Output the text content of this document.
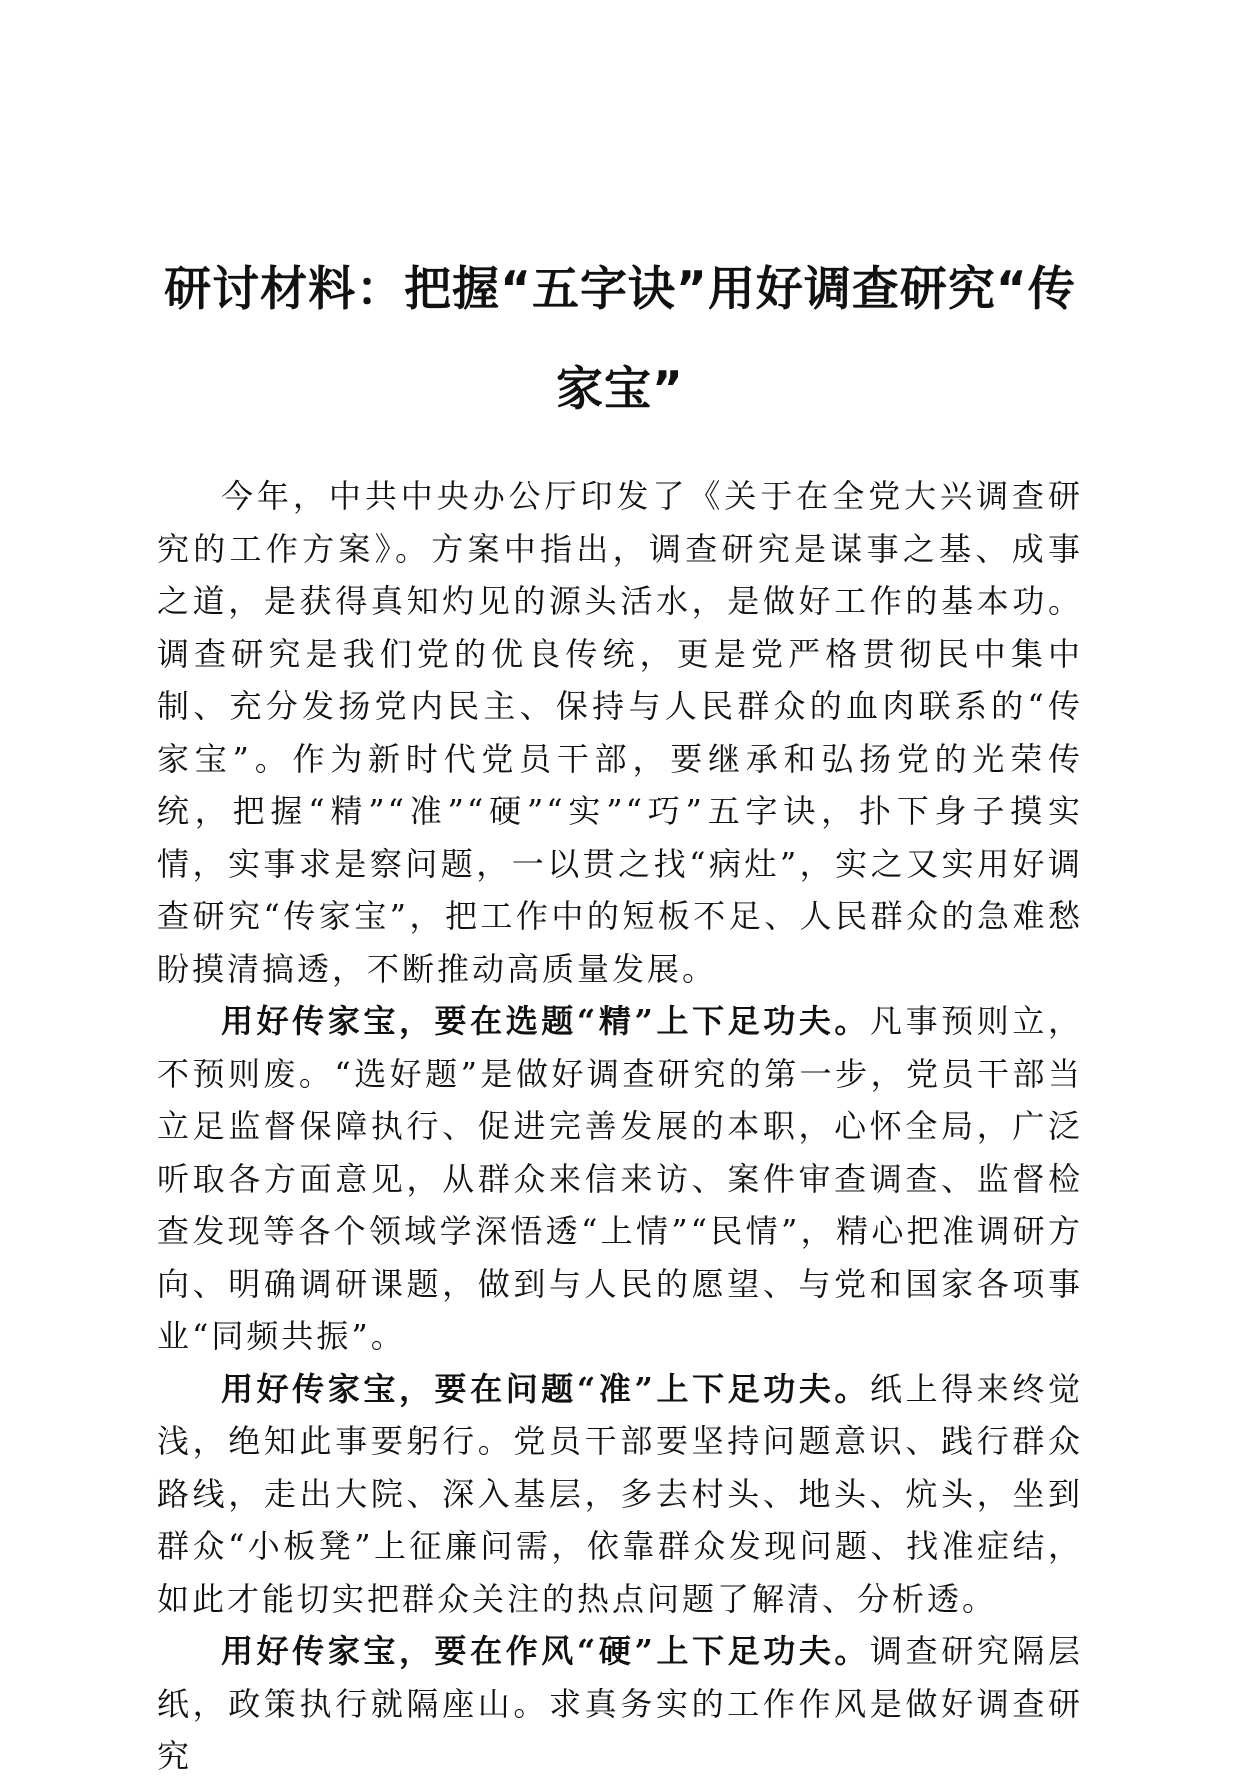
研讨材料：把握“五字诀”用好调查研究“传家宝”

今年，中共中央办公厅印发了《关于在全党大兴调查研究的工作方案》。方案中指出，调查研究是谋事之基、成事之道，是获得真知灼见的源头活水，是做好工作的基本功。调查研究是我们党的优良传统，更是党严格贯彻民中集中制、充分发扬党内民主、保持与人民群众的血肉联系的“传家宝”。作为新时代党员干部，要继承和弘扬党的光荣传统，把握“精”“准”“硬”“实”“巧”五字诀，扑下身子摸实情，实事求是察问题，一以贯之找“病灶”，实之又实用好调查研究“传家宝”，把工作中的短板不足、人民群众的急难愁盼摸清搞透，不断推动高质量发展。

用好传家宝，要在选题“精”上下足功夫。凡事预则立，不预则废。“选好题”是做好调查研究的第一步，党员干部当立足监督保障执行、促进完善发展的本职，心怀全局，广泛听取各方面意见，从群众来信来访、案件审查调查、监督检查发现等各个领域学深悟透“上情”“民情”，精心把准调研方向、明确调研课题，做到与人民的愿望、与党和国家各项事业“同频共振”。

用好传家宝，要在问题“准”上下足功夫。纸上得来终觉浅，绝知此事要躬行。党员干部要坚持问题意识、践行群众路线，走出大院、深入基层，多去村头、地头、炕头，坐到群众“小板凳”上征廉问需，依靠群众发现问题、找准症结，如此才能切实把群众关注的热点问题了解清、分析透。

用好传家宝，要在作风“硬”上下足功夫。调查研究隔层纸，政策执行就隔座山。求真务实的工作作风是做好调查研究
